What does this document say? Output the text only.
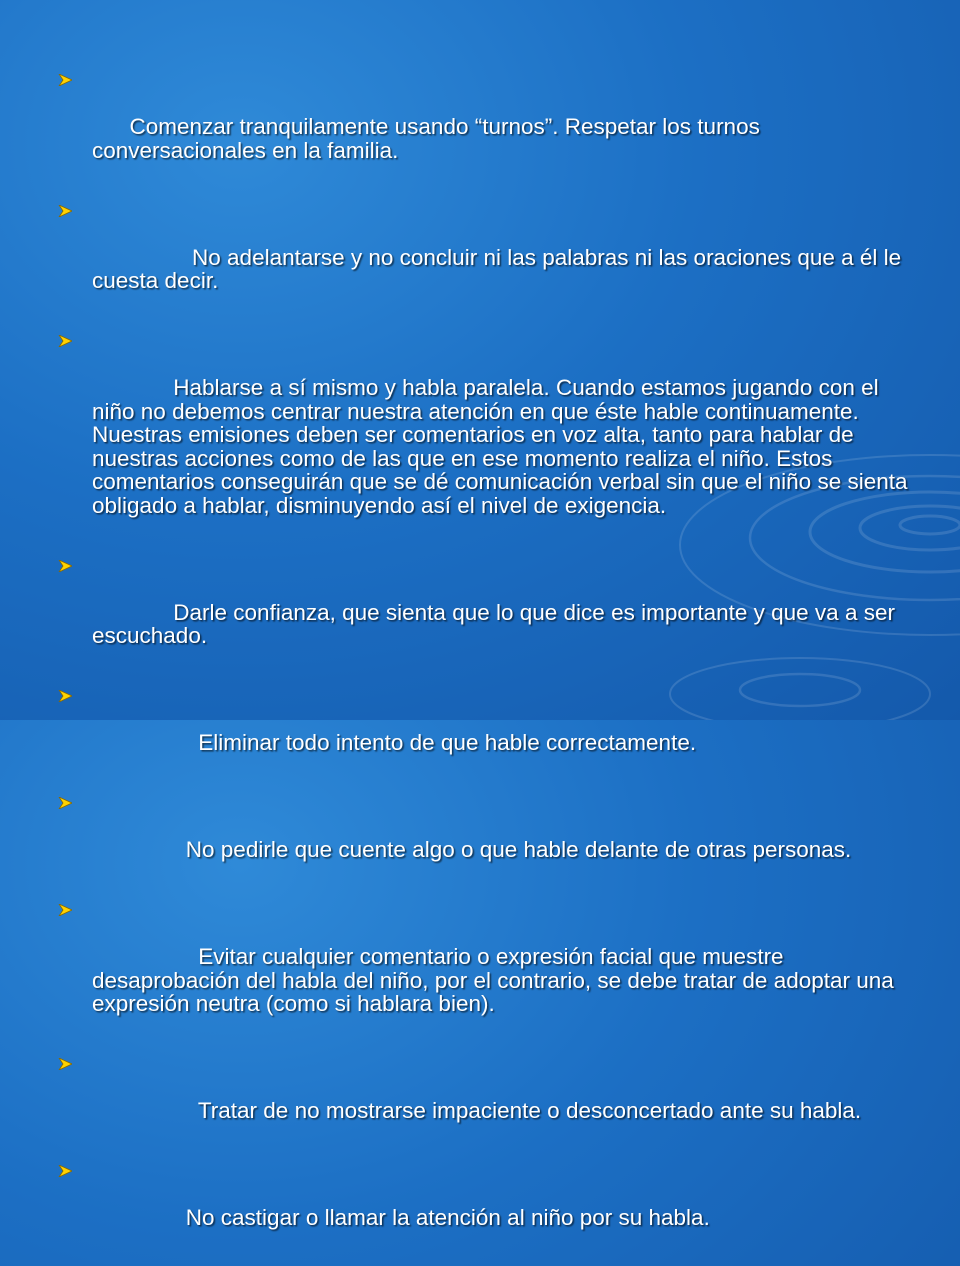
Comenzar tranquilamente usando “turnos”. Respetar los turnos conversacionales en la familia.

No adelantarse y no concluir ni las palabras ni las oraciones que a él le cuesta decir.

Hablarse a sí mismo y habla paralela. Cuando estamos jugando con el niño no debemos centrar nuestra atención en que éste hable continuamente. Nuestras emisiones deben ser comentarios en voz alta, tanto para hablar de nuestras acciones como de las que en ese momento realiza el niño. Estos comentarios conseguirán que se dé comunicación verbal sin que el niño se sienta obligado a hablar, disminuyendo así el nivel de exigencia.

Darle confianza, que sienta que lo que dice es importante y que va a ser escuchado.

Eliminar todo intento de que hable correctamente.

No pedirle que cuente algo o que hable delante de otras personas.

Evitar cualquier comentario o expresión facial que muestre desaprobación del habla del niño, por el contrario, se debe tratar de adoptar una expresión neutra (como si hablara bien).

Tratar de no mostrarse impaciente o desconcertado ante su habla.

No castigar o llamar la atención al niño por su habla.
